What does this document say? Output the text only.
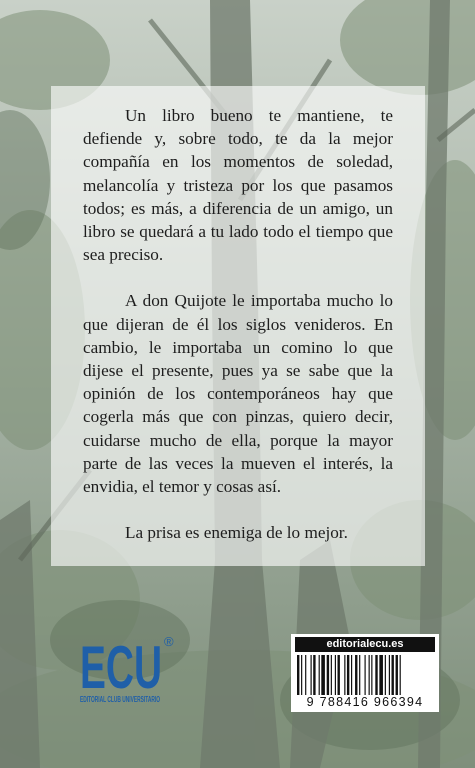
Un libro bueno te mantiene, te defiende y, sobre todo, te da la mejor compañía en los momentos de soledad, melancolía y tristeza por los que pasamos todos; es más, a diferencia de un amigo, un libro se quedará a tu lado todo el tiempo que sea preciso.

A don Quijote le importaba mucho lo que dijeran de él los siglos venideros. En cambio, le importaba un comino lo que dijese el presente, pues ya se sabe que la opinión de los contemporáneos hay que cogerla más que con pinzas, quiero decir, cuidarse mucho de ella, porque la mayor parte de las veces la mueven el interés, la envidia, el temor y cosas así.

La prisa es enemiga de lo mejor.

ECU ®
EDITORIAL CLUB UNIVERSITARIO
editorialecu.es
9 788416 966394
